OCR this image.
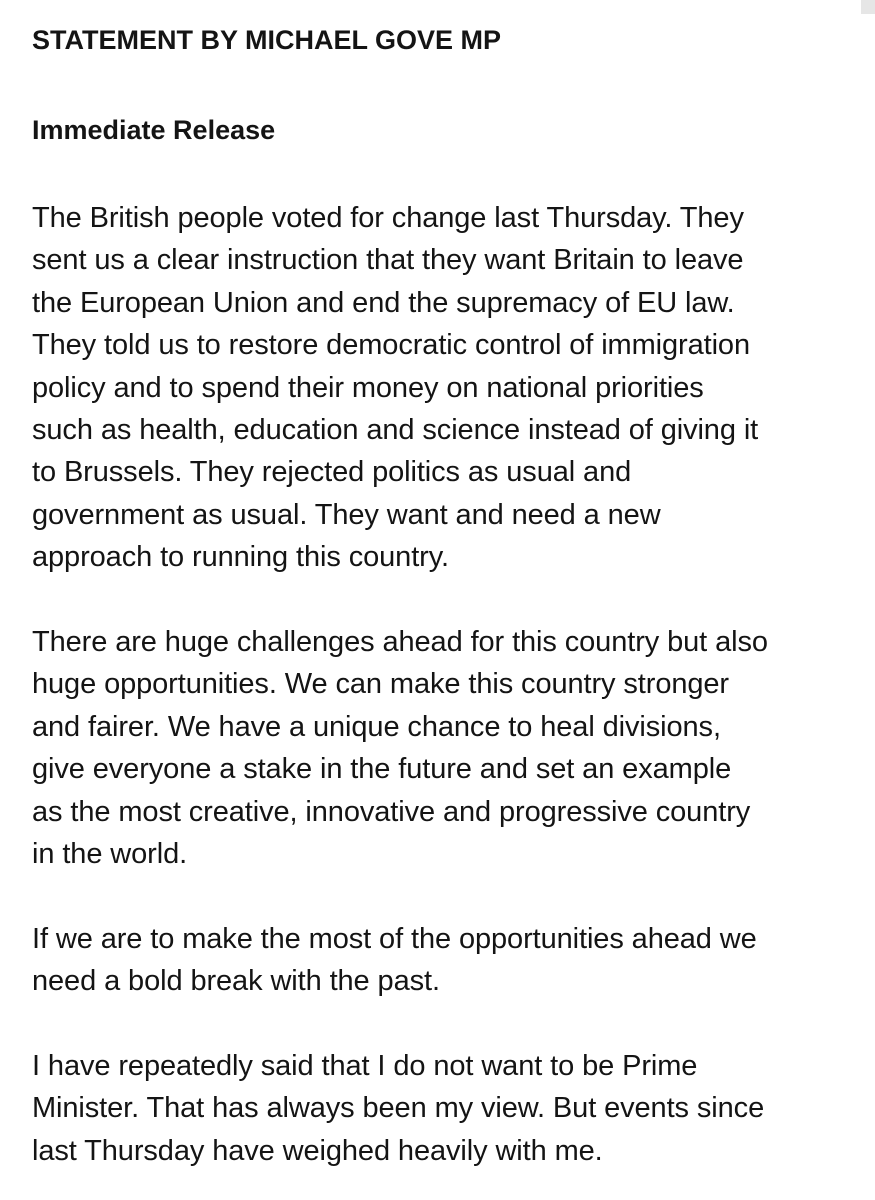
STATEMENT BY MICHAEL GOVE MP
Immediate Release

The British people voted for change last Thursday. They
sent us a clear instruction that they want Britain to leave
the European Union and end the supremacy of EU law.
They told us to restore democratic control of immigration
policy and to spend their money on national priorities
such as health, education and science instead of giving it
to Brussels. They rejected politics as usual and
government as usual. They want and need a new
approach to running this country.

There are huge challenges ahead for this country but also
huge opportunities. We can make this country stronger
and fairer. We have a unique chance to heal divisions,
give everyone a stake in the future and set an example
as the most creative, innovative and progressive country
in the world.

If we are to make the most of the opportunities ahead we
need a bold break with the past.

I have repeatedly said that I do not want to be Prime
Minister. That has always been my view. But events since
last Thursday have weighed heavily with me.
